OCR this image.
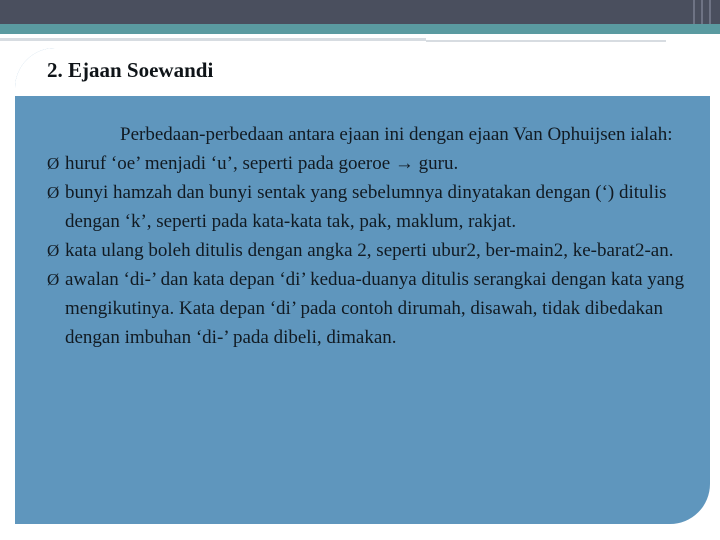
2. Ejaan Soewandi

Perbedaan-perbedaan antara ejaan ini dengan ejaan Van Ophuijsen ialah:

Ø huruf ‘oe’ menjadi ‘u’, seperti pada goeroe → guru.

Ø bunyi hamzah dan bunyi sentak yang sebelumnya dinyatakan dengan (‘) ditulis dengan ‘k’, seperti pada kata-kata tak, pak, maklum, rakjat.

Ø kata ulang boleh ditulis dengan angka 2, seperti ubur2, ber-main2, ke-barat2-an.

Ø awalan ‘di-’ dan kata depan ‘di’ kedua-duanya ditulis serangkai dengan kata yang mengikutinya. Kata depan ‘di’ pada contoh dirumah, disawah, tidak dibedakan dengan imbuhan ‘di-’ pada dibeli, dimakan.
